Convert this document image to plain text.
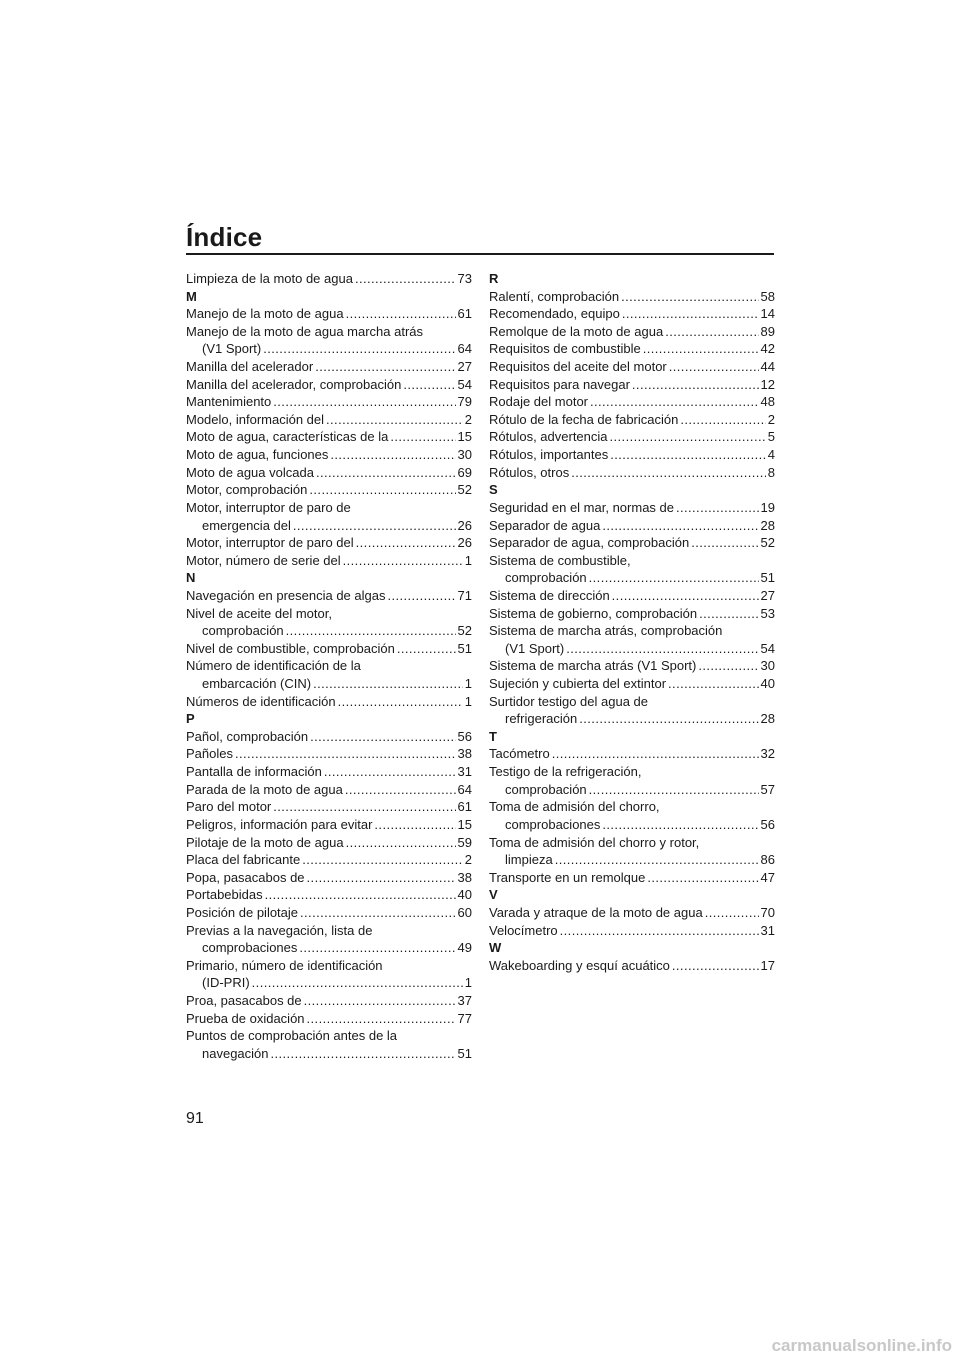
Índice
Limpieza de la moto de agua .....	73
M
Manejo de la moto de agua .....	61
Manejo de la moto de agua marcha atrás
(V1 Sport) .....	64
Manilla del acelerador .....	27
Manilla del acelerador, comprobación .....	54
Mantenimiento .....	79
Modelo, información del .....	2
Moto de agua, características de la .....	15
Moto de agua, funciones .....	30
Moto de agua volcada .....	69
Motor, comprobación .....	52
Motor, interruptor de paro de
emergencia del .....	26
Motor, interruptor de paro del .....	26
Motor, número de serie del .....	1
N
Navegación en presencia de algas .....	71
Nivel de aceite del motor,
comprobación .....	52
Nivel de combustible, comprobación .....	51
Número de identificación de la
embarcación (CIN) .....	1
Números de identificación .....	1
P
Pañol, comprobación .....	56
Pañoles .....	38
Pantalla de información .....	31
Parada de la moto de agua .....	64
Paro del motor .....	61
Peligros, información para evitar .....	15
Pilotaje de la moto de agua .....	59
Placa del fabricante .....	2
Popa, pasacabos de .....	38
Portabebidas .....	40
Posición de pilotaje .....	60
Previas a la navegación, lista de
comprobaciones .....	49
Primario, número de identificación
(ID-PRI) .....	1
Proa, pasacabos de .....	37
Prueba de oxidación .....	77
Puntos de comprobación antes de la
navegación .....	51
R
Ralentí, comprobación .....	58
Recomendado, equipo .....	14
Remolque de la moto de agua .....	89
Requisitos de combustible .....	42
Requisitos del aceite del motor .....	44
Requisitos para navegar .....	12
Rodaje del motor .....	48
Rótulo de la fecha de fabricación .....	2
Rótulos, advertencia .....	5
Rótulos, importantes .....	4
Rótulos, otros .....	8
S
Seguridad en el mar, normas de .....	19
Separador de agua .....	28
Separador de agua, comprobación .....	52
Sistema de combustible,
comprobación .....	51
Sistema de dirección .....	27
Sistema de gobierno, comprobación .....	53
Sistema de marcha atrás, comprobación
(V1 Sport) .....	54
Sistema de marcha atrás (V1 Sport) .....	30
Sujeción y cubierta del extintor .....	40
Surtidor testigo del agua de
refrigeración .....	28
T
Tacómetro .....	32
Testigo de la refrigeración,
comprobación .....	57
Toma de admisión del chorro,
comprobaciones .....	56
Toma de admisión del chorro y rotor,
limpieza .....	86
Transporte en un remolque .....	47
V
Varada y atraque de la moto de agua .....	70
Velocímetro .....	31
W
Wakeboarding y esquí acuático .....	17
91
carmanualsonline.info
